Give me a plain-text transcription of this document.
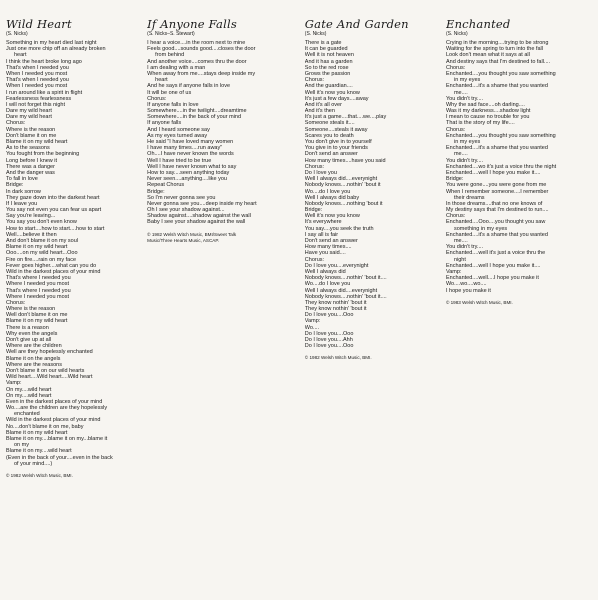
Wild Heart
(S. Nicks)
Something in my heart died last night
Just one more chip off an already broken
heart
I think the heart broke long ago
That's when I needed you
When I needed you most
That's when I needed you
When I needed you most
I run around like a spirit in flight
Fearlessness fearlessness
I will not forget this night
Dare my wild heart
Dare my wild heart
Chorus:
Where is the reason
Don't blame it on me
Blame it on my wild heart
As to the seasons
You fought from the beginning
Long before I knew it
There was a danger
And the danger was
To fall in love
Bridge:
In dark sorrow
They gaze down into the darkest heart
If I leave you
You say not even you can fear us apart
Say you're leaving...
You say you don't even know
How to start....how to start....how to start
Well....believe it then
And don't blame it on my soul
Blame it on my wild heart
Ooo....on my wild heart...Ooo
Fire on fire....rain on my face
Fever goes higher....what can you do
Wild in the darkest places of your mind
That's where I needed you
Where I needed you most
That's where I needed you
Where I needed you most
Chorus:
Where is the reason
Well don't blame it on me
Blame it on my wild heart
There is a reason
Why even the angels
Don't give up at all
Where are the children
Well are they hopelessly enchanted
Blame it on the angels
Where are the reasons
Don't blame it on our wild hearts
Wild heart....Wild heart....Wild heart
Vamp:
On my....wild heart
On my....wild heart
Even in the darkest places of your mind
Wo....are the children are they hopelessly
enchanted
Wild in the darkest places of your mind
No....don't blame it on me, baby
Blame it on my wild heart
Blame it on my....blame it on my...blame it
on my
Blame it on my....wild heart
(Even in the back of your....even in the back
of your mind....)
© 1982 Welsh Witch Music, BMI.
If Anyone Falls
(S. Nicks–S. Stewart)
I hear a voice....in the room next to mine
Feels good....sounds good....closes the door
from behind
And another voice....comes thru the door
I am dealing with a man
When away from me....stays deep inside my
heart
And he says if anyone falls in love
It will be one of us
Chorus:
If anyone falls in love
Somewhere....in the twilight....dreamtime
Somewhere....in the back of your mind
If anyone falls
And I heard someone say
As my eyes turned away
He said "I have loved many women
I have many times....run away"
Oh....I have never known the words
Well I have tried to be true
Well I have never known what to say
How to say....seen anything today
Never seen....anything....like you
Repeat Chorus
Bridge:
So I'm never gonna see you
Never gonna see you....deep inside my heart
Oh I see your shadow against...
Shadow against....shadow against the wall
Baby I see your shadow against the wall
© 1982 Welsh Witch Music, BMI/Sweet Talk
Music/Three Hearts Music, ASCAP.
Gate And Garden
(S. Nicks)
There is a gate
It can be guarded
Well it is not heaven
And it has a garden
So to the red rose
Grows the passion
Chorus:
And the guardian....
Well it's now you know
It's just a few days....away
And it's all over
And it's then
It's just a game....that....we....play
Someone steals it....
Someone....steals it away
Scares you to death
You don't give in to yourself
You give in to your friends
Don't send an answer
How many times....have you said
Chorus:
Do I love you
Well I always did....everynight
Nobody knows....nothin' 'bout it
Wo....do I love you
Well I always did baby
Nobody knows....nothing 'bout it
Bridge:
Well it's now you know
It's everywhere
You say....you seek the truth
I say all is fair
Don't send an answer
How many times....
Have you said....
Chorus:
Do I love you....everynight
Well I always did
Nobody knows....nothin' 'bout it....
Wo....do I love you
Well I always did....everynight
Nobody knows....nothin' 'bout it....
They know nothin' 'bout it
They know nothin' 'bout it
Do I love you....Ooo
Vamp:
Wo....
Do I love you....Ooo
Do I love you....Ahh
Do I love you....Ooo
© 1982 Welsh Witch Music, BMI.
Enchanted
(S. Nicks)
Crying in the morning....trying to be strong
Waiting for the spring to turn into the fall
Look don't mean what it says at all
And destiny says that I'm destined to fall....
Chorus:
Enchanted....you thought you saw something
in my eyes
Enchanted....it's a shame that you wanted
me....
You didn't try....
Why the sad face....oh darling....
Was it my darkness....shadow light
I mean to cause no trouble for you
That is the story of my life....
Chorus:
Enchanted....you thought you saw something
in my eyes
Enchanted....it's a shame that you wanted
me....
You didn't try....
Enchanted....wo it's just a voice thru the night
Enchanted....well I hope you make it....
Bridge:
You were gone....you were gone from me
When I remember someone....I remember
their dreams
In those dreams....that no one knows of
My destiny says that I'm destined to run....
Chorus:
Enchanted....Ooo....you thought you saw
something in my eyes
Enchanted....it's a shame that you wanted
me....
You didn't try....
Enchanted....well it's just a voice thru the
night
Enchanted....well I hope you make it....
Vamp:
Enchanted....well....I hope you make it
Wo....wo....wo....
I hope you make it
© 1983 Welsh Witch Music, BMI.
